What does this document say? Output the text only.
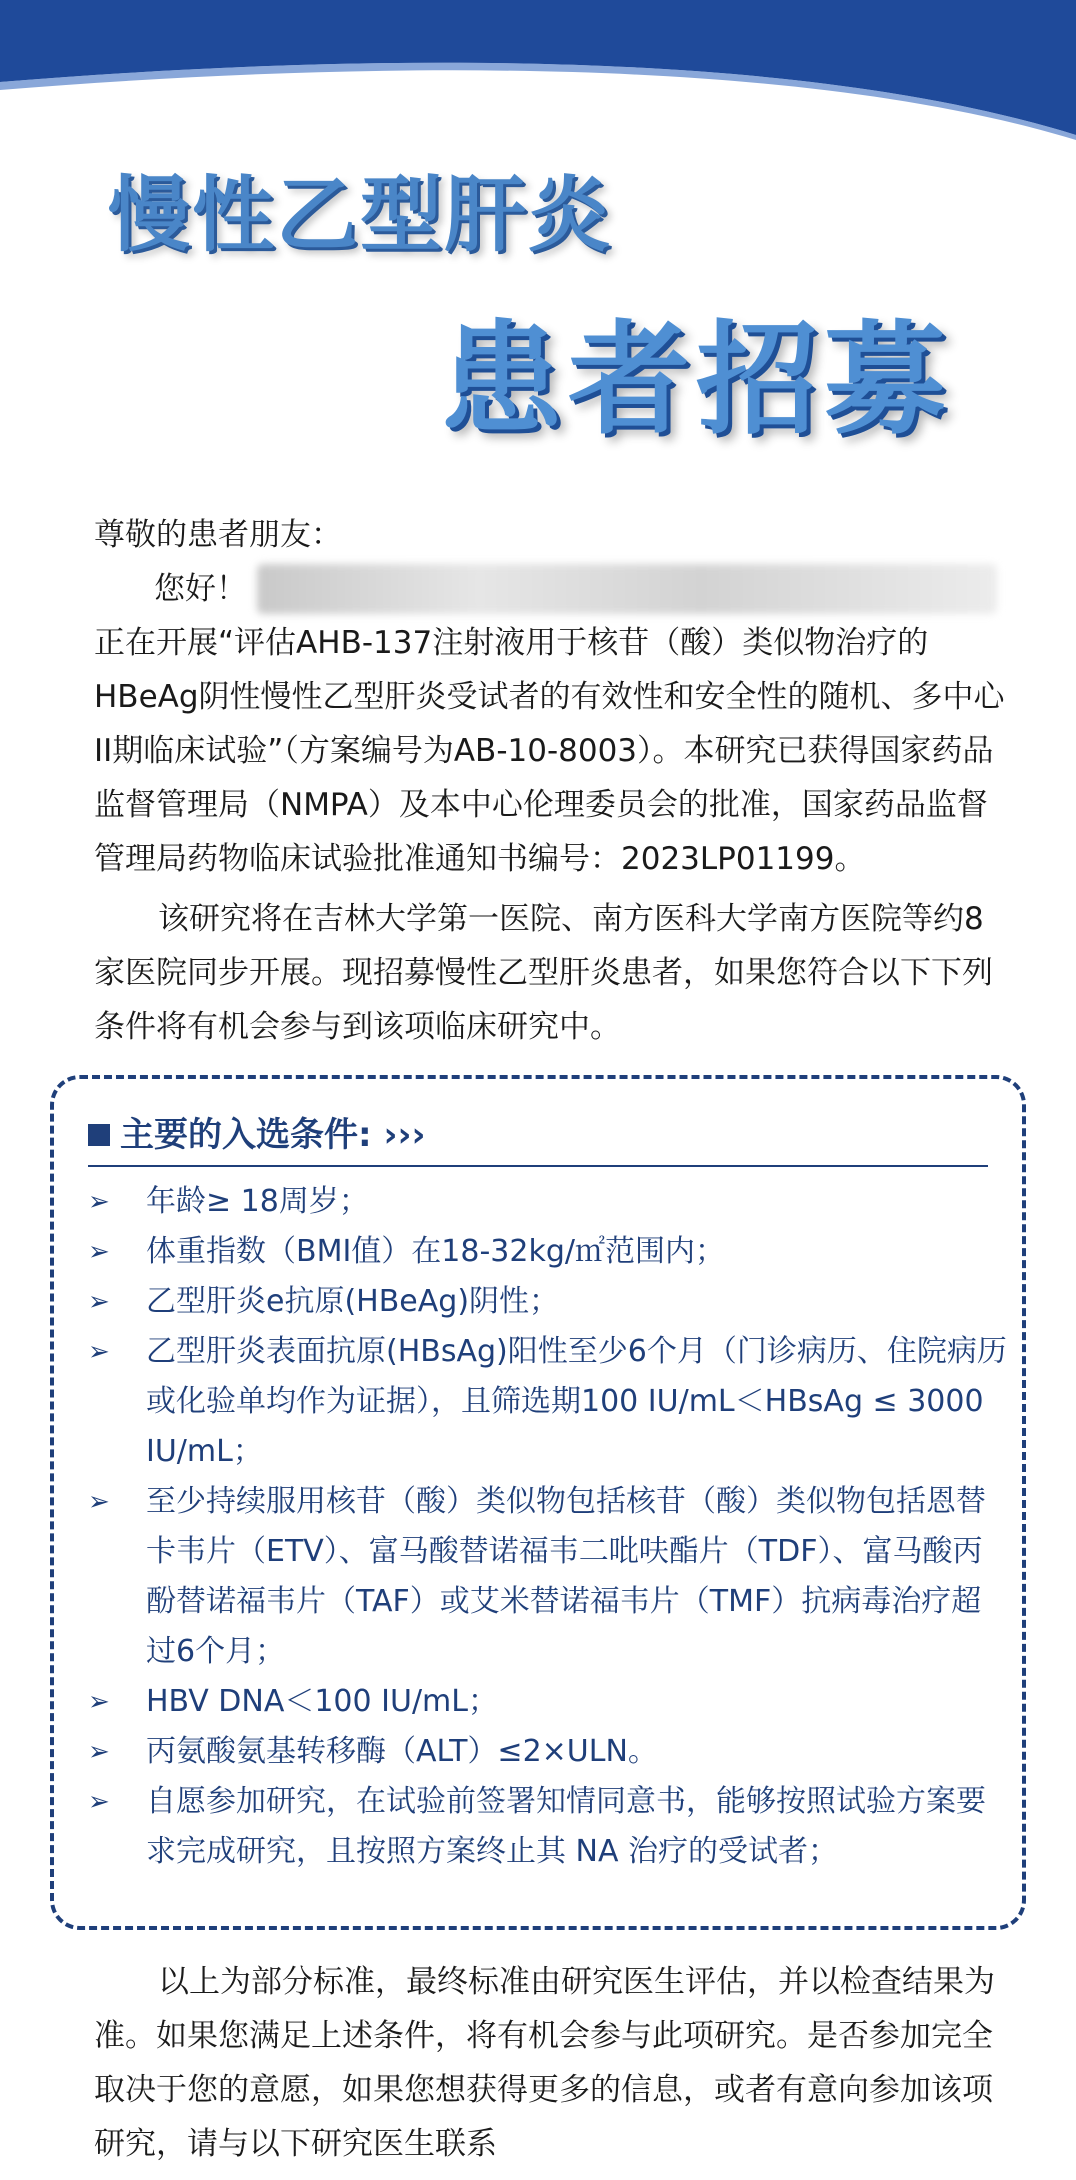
慢性乙型肝炎
患者招募
尊敬的患者朋友：
您好！
正在开展“评估AHB-137注射液用于核苷（酸）类似物治疗的HBeAg阴性慢性乙型肝炎受试者的有效性和安全性的随机、多中心II期临床试验”（方案编号为AB-10-8003）。本研究已获得国家药品监督管理局（NMPA）及本中心伦理委员会的批准，国家药品监督管理局药物临床试验批准通知书编号：2023LP01199。
该研究将在吉林大学第一医院、南方医科大学南方医院等约8家医院同步开展。现招募慢性乙型肝炎患者，如果您符合以下下列条件将有机会参与到该项临床研究中。
主要的入选条件: ›››
➢	年龄≥ 18周岁；
➢	体重指数（BMI值）在18-32kg/㎡范围内；
➢	乙型肝炎e抗原(HBeAg)阴性；
➢	乙型肝炎表面抗原(HBsAg)阳性至少6个月（门诊病历、住院病历或化验单均作为证据），且筛选期100 IU/mL＜HBsAg ≤ 3000 IU/mL；
➢	至少持续服用核苷（酸）类似物包括核苷（酸）类似物包括恩替卡韦片（ETV）、富马酸替诺福韦二吡呋酯片（TDF）、富马酸丙酚替诺福韦片（TAF）或艾米替诺福韦片（TMF）抗病毒治疗超过6个月；
➢	HBV DNA＜100 IU/mL；
➢	丙氨酸氨基转移酶（ALT）≤2×ULN。
➢	自愿参加研究，在试验前签署知情同意书，能够按照试验方案要求完成研究，且按照方案终止其 NA 治疗的受试者；
以上为部分标准，最终标准由研究医生评估，并以检查结果为准。如果您满足上述条件，将有机会参与此项研究。是否参加完全取决于您的意愿，如果您想获得更多的信息，或者有意向参加该项研究，请与以下研究医生联系
